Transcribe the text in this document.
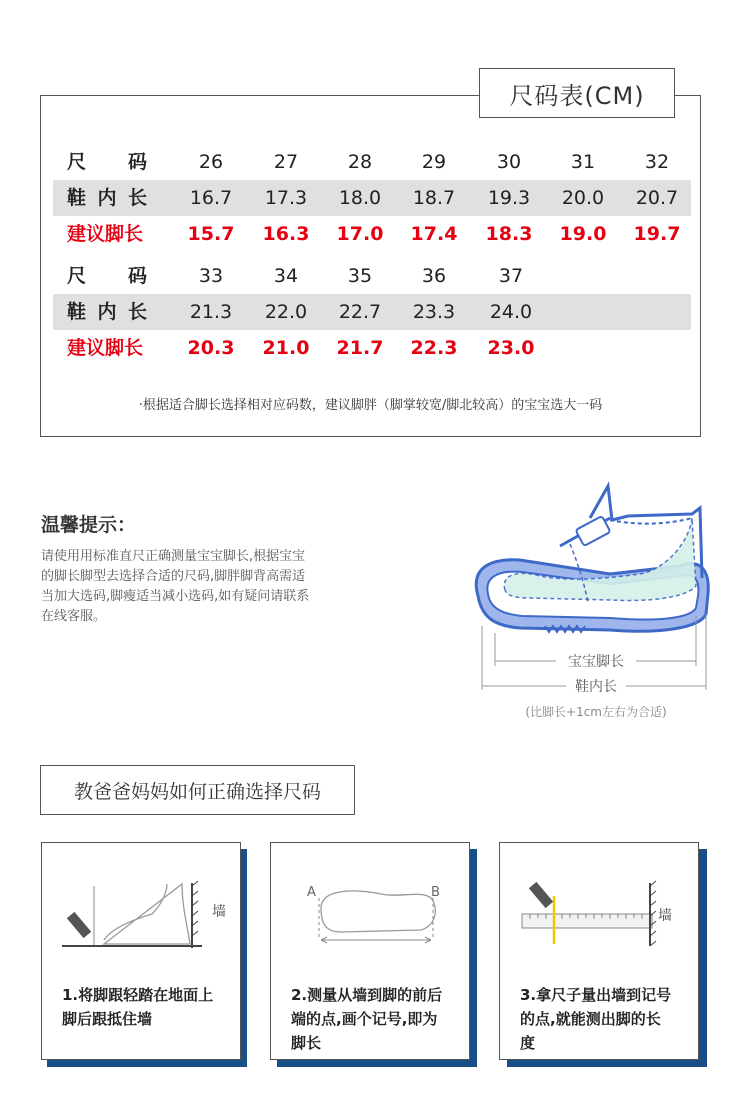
尺 码	26	27	28	29	30	31	32
鞋 内 长	16.7	17.3	18.0	18.7	19.3	20.0	20.7
建议脚长	15.7	16.3	17.0	17.4	18.3	19.0	19.7
尺 码	33	34	35	36	37
鞋 内 长	21.3	22.0	22.7	23.3	24.0
建议脚长	20.3	21.0	21.7	22.3	23.0
·根据适合脚长选择相对应码数，建议脚胖（脚掌较宽/脚北较高）的宝宝选大一码
尺码表(CM)
温馨提示：
请使用用标准直尺正确测量宝宝脚长,根据宝宝
的脚长脚型去选择合适的尺码,脚胖脚背高需适
当加大选码,脚瘦适当减小选码,如有疑问请联系
在线客服。
宝宝脚长
鞋内长
(比脚长+1cm左右为合适)
教爸爸妈妈如何正确选择尺码
墙
1.将脚跟轻踏在地面上
脚后跟抵住墙
A	B
2.测量从墙到脚的前后
端的点,画个记号,即为
脚长
墙
3.拿尺子量出墙到记号
的点,就能测出脚的长
度
